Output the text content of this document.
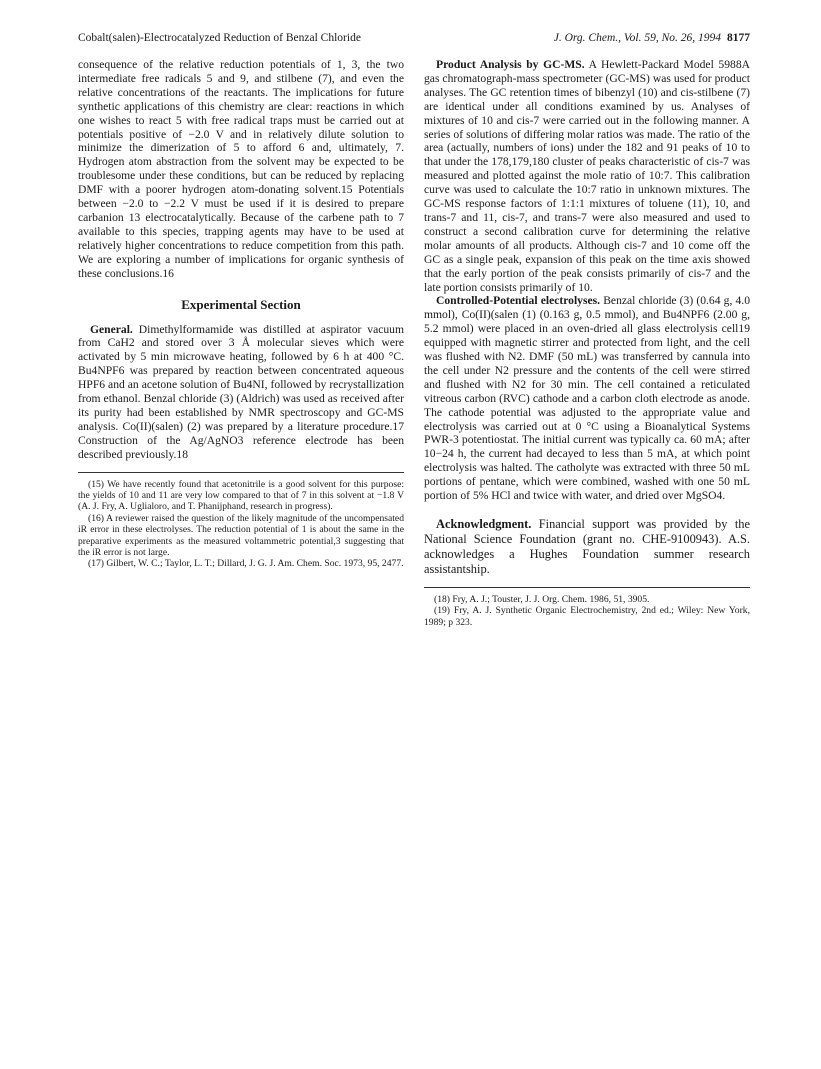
Cobalt(salen)-Electrocatalyzed Reduction of Benzal Chloride	J. Org. Chem., Vol. 59, No. 26, 1994 8177

consequence of the relative reduction potentials of 1, 3, the two intermediate free radicals 5 and 9, and stilbene (7), and even the relative concentrations of the reactants. The implications for future synthetic applications of this chemistry are clear: reactions in which one wishes to react 5 with free radical traps must be carried out at potentials positive of −2.0 V and in relatively dilute solution to minimize the dimerization of 5 to afford 6 and, ultimately, 7. Hydrogen atom abstraction from the solvent may be expected to be troublesome under these conditions, but can be reduced by replacing DMF with a poorer hydrogen atom-donating solvent.15 Potentials between −2.0 to −2.2 V must be used if it is desired to prepare carbanion 13 electrocatalytically. Because of the carbene path to 7 available to this species, trapping agents may have to be used at relatively higher concentrations to reduce competition from this path. We are exploring a number of implications for organic synthesis of these conclusions.16

Experimental Section

General. Dimethylformamide was distilled at aspirator vacuum from CaH2 and stored over 3 Å molecular sieves which were activated by 5 min microwave heating, followed by 6 h at 400 °C. Bu4NPF6 was prepared by reaction between concentrated aqueous HPF6 and an acetone solution of Bu4NI, followed by recrystallization from ethanol. Benzal chloride (3) (Aldrich) was used as received after its purity had been established by NMR spectroscopy and GC-MS analysis. Co(II)(salen) (2) was prepared by a literature procedure.17 Construction of the Ag/AgNO3 reference electrode has been described previously.18

(15) We have recently found that acetonitrile is a good solvent for this purpose: the yields of 10 and 11 are very low compared to that of 7 in this solvent at −1.8 V (A. J. Fry, A. Uglialoro, and T. Phanijphand, research in progress).

(16) A reviewer raised the question of the likely magnitude of the uncompensated iR error in these electrolyses. The reduction potential of 1 is about the same in the preparative experiments as the measured voltammetric potential,3 suggesting that the iR error is not large.

(17) Gilbert, W. C.; Taylor, L. T.; Dillard, J. G. J. Am. Chem. Soc. 1973, 95, 2477.

Product Analysis by GC-MS. A Hewlett-Packard Model 5988A gas chromatograph-mass spectrometer (GC-MS) was used for product analyses. The GC retention times of bibenzyl (10) and cis-stilbene (7) are identical under all conditions examined by us. Analyses of mixtures of 10 and cis-7 were carried out in the following manner. A series of solutions of differing molar ratios was made. The ratio of the area (actually, numbers of ions) under the 182 and 91 peaks of 10 to that under the 178,179,180 cluster of peaks characteristic of cis-7 was measured and plotted against the mole ratio of 10:7. This calibration curve was used to calculate the 10:7 ratio in unknown mixtures. The GC-MS response factors of 1:1:1 mixtures of toluene (11), 10, and trans-7 and 11, cis-7, and trans-7 were also measured and used to construct a second calibration curve for determining the relative molar amounts of all products. Although cis-7 and 10 come off the GC as a single peak, expansion of this peak on the time axis showed that the early portion of the peak consists primarily of cis-7 and the late portion consists primarily of 10.

Controlled-Potential electrolyses. Benzal chloride (3) (0.64 g, 4.0 mmol), Co(II)(salen (1) (0.163 g, 0.5 mmol), and Bu4NPF6 (2.00 g, 5.2 mmol) were placed in an oven-dried all glass electrolysis cell19 equipped with magnetic stirrer and protected from light, and the cell was flushed with N2. DMF (50 mL) was transferred by cannula into the cell under N2 pressure and the contents of the cell were stirred and flushed with N2 for 30 min. The cell contained a reticulated vitreous carbon (RVC) cathode and a carbon cloth electrode as anode. The cathode potential was adjusted to the appropriate value and electrolysis was carried out at 0 °C using a Bioanalytical Systems PWR-3 potentiostat. The initial current was typically ca. 60 mA; after 10−24 h, the current had decayed to less than 5 mA, at which point electrolysis was halted. The catholyte was extracted with three 50 mL portions of pentane, which were combined, washed with one 50 mL portion of 5% HCl and twice with water, and dried over MgSO4.

Acknowledgment. Financial support was provided by the National Science Foundation (grant no. CHE-9100943). A.S. acknowledges a Hughes Foundation summer research assistantship.

(18) Fry, A. J.; Touster, J. J. Org. Chem. 1986, 51, 3905.

(19) Fry, A. J. Synthetic Organic Electrochemistry, 2nd ed.; Wiley: New York, 1989; p 323.
